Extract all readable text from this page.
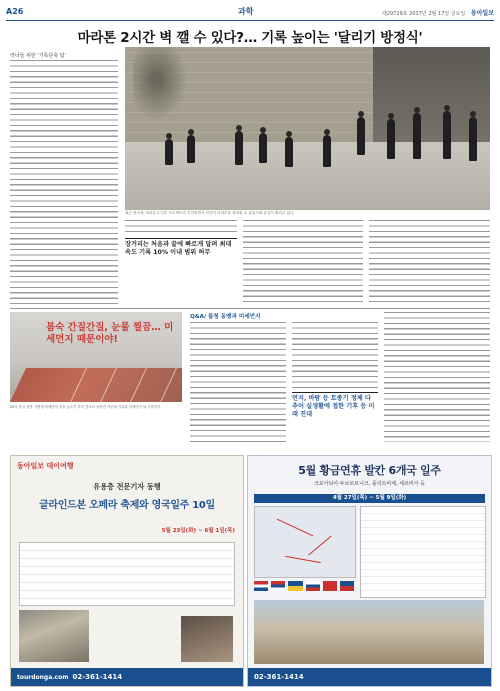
A26	과학	제29729호 2017년 2월 17일 금요일 동아일보
마라톤 2시간 벽 깰 수 있다?… 기록 높이는 '달리기 방정식'
러너들 위한 '기록단축 팁'
최근 중국에 '마라톤 2시간' 프로젝트가 추진되면서 인간이 마라톤을 정복할 수 있을지에 관심이 쏠리고 있다.
장거리는 처음과 끝에 빠르게 달려 최대속도 기록 10% 이내 범위 허무
봄숙 간질간질, 눈물 찔끔… 미세먼지 때문이야!
20일 봄국 선풍 기병에 미세먼지 서울 농도가 하루 전보다 높아진 가운데 기록됨 미세먼지 날 기록이다
Q&A/ 불청 동맹과 미세먼지
먼지, 바람 등 토종기 정체 다 추어 실생활에 접한 기후 등 미래 진대
동아일보 데이여행
유용층 전문기자 동행
글라인드본 오페라 축제와 영국일주 10일
5월 23일(화) ~ 6월 1일(목)
tourdonga.com 02-361-1414
5월 황금연휴 발칸 6개국 일주
크로아티아·두브로브니크, 플리트비체, 세르비아 등
4월 27일(목) ~ 5월 9일(화)
02-361-1414
